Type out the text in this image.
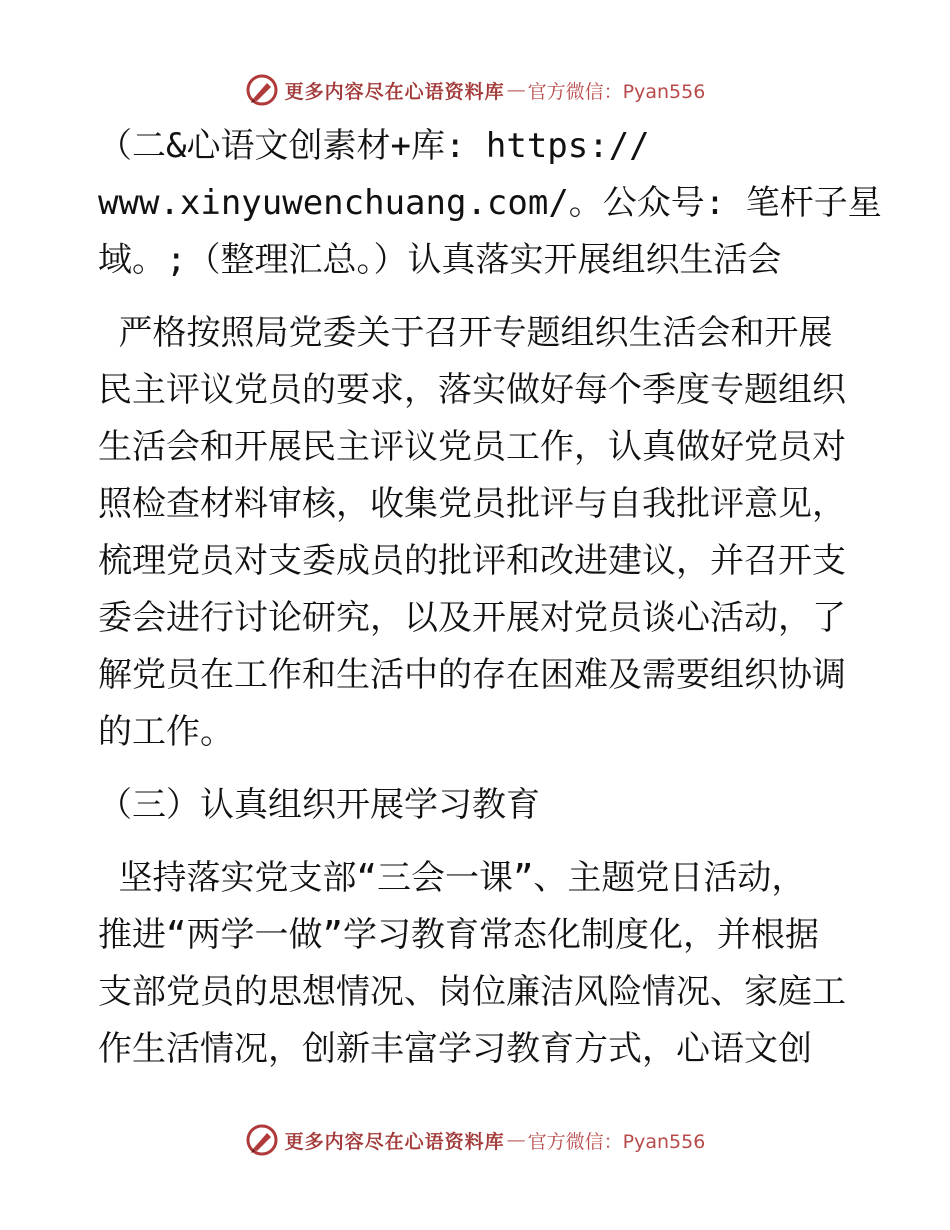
更多内容尽在心语资料库 — 官方微信：Pyan556
（二&心语文创素材+库: https://
www.xinyuwenchuang.com/。公众号: 笔杆子星
域。;（整理汇总。）认真落实开展组织生活会
严格按照局党委关于召开专题组织生活会和开展
民主评议党员的要求，落实做好每个季度专题组织
生活会和开展民主评议党员工作，认真做好党员对
照检查材料审核，收集党员批评与自我批评意见，
梳理党员对支委成员的批评和改进建议，并召开支
委会进行讨论研究，以及开展对党员谈心活动，了
解党员在工作和生活中的存在困难及需要组织协调
的工作。
（三）认真组织开展学习教育
坚持落实党支部“三会一课”、主题党日活动，
推进“两学一做”学习教育常态化制度化，并根据
支部党员的思想情况、岗位廉洁风险情况、家庭工
作生活情况，创新丰富学习教育方式，心语文创
更多内容尽在心语资料库 — 官方微信：Pyan556
